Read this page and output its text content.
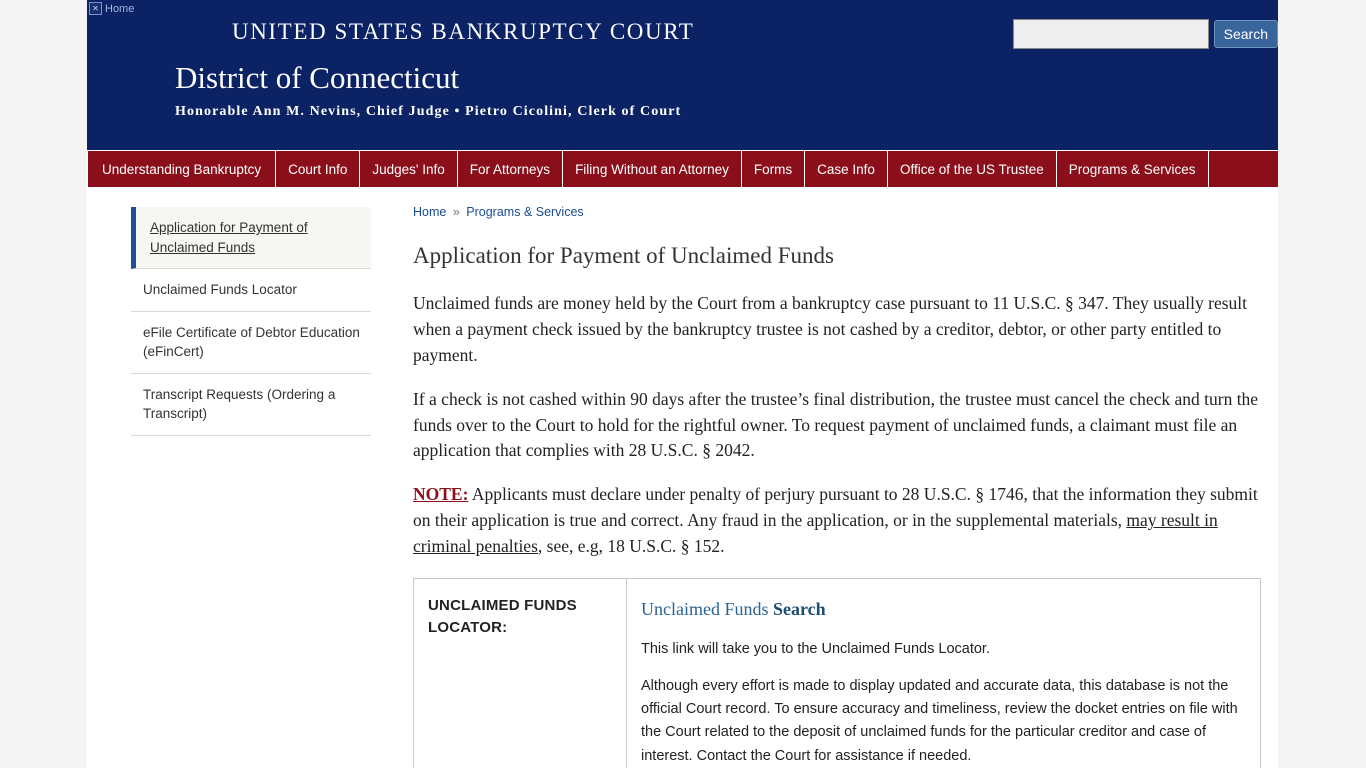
✕ Home
UNITED STATES BANKRUPTCY COURT
District of Connecticut
Honorable Ann M. Nevins, Chief Judge • Pietro Cicolini, Clerk of Court
Search
Understanding Bankruptcy	Court Info	Judges' Info	For Attorneys	Filing Without an Attorney	Forms	Case Info	Office of the US Trustee	Programs & Services
Application for Payment of Unclaimed Funds
Unclaimed Funds Locator
eFile Certificate of Debtor Education (eFinCert)
Transcript Requests (Ordering a Transcript)
Home » Programs & Services
Application for Payment of Unclaimed Funds

Unclaimed funds are money held by the Court from a bankruptcy case pursuant to 11 U.S.C. § 347. They usually result when a payment check issued by the bankruptcy trustee is not cashed by a creditor, debtor, or other party entitled to payment.

If a check is not cashed within 90 days after the trustee’s final distribution, the trustee must cancel the check and turn the funds over to the Court to hold for the rightful owner. To request payment of unclaimed funds, a claimant must file an application that complies with 28 U.S.C. § 2042.

NOTE: Applicants must declare under penalty of perjury pursuant to 28 U.S.C. § 1746, that the information they submit on their application is true and correct. Any fraud in the application, or in the supplemental materials, may result in criminal penalties, see, e.g, 18 U.S.C. § 152.

UNCLAIMED FUNDS LOCATOR:	

Unclaimed Funds Search

This link will take you to the Unclaimed Funds Locator.

Although every effort is made to display updated and accurate data, this database is not the official Court record. To ensure accuracy and timeliness, review the docket entries on file with the Court related to the deposit of unclaimed funds for the particular creditor and case of interest. Contact the Court for assistance if needed.
